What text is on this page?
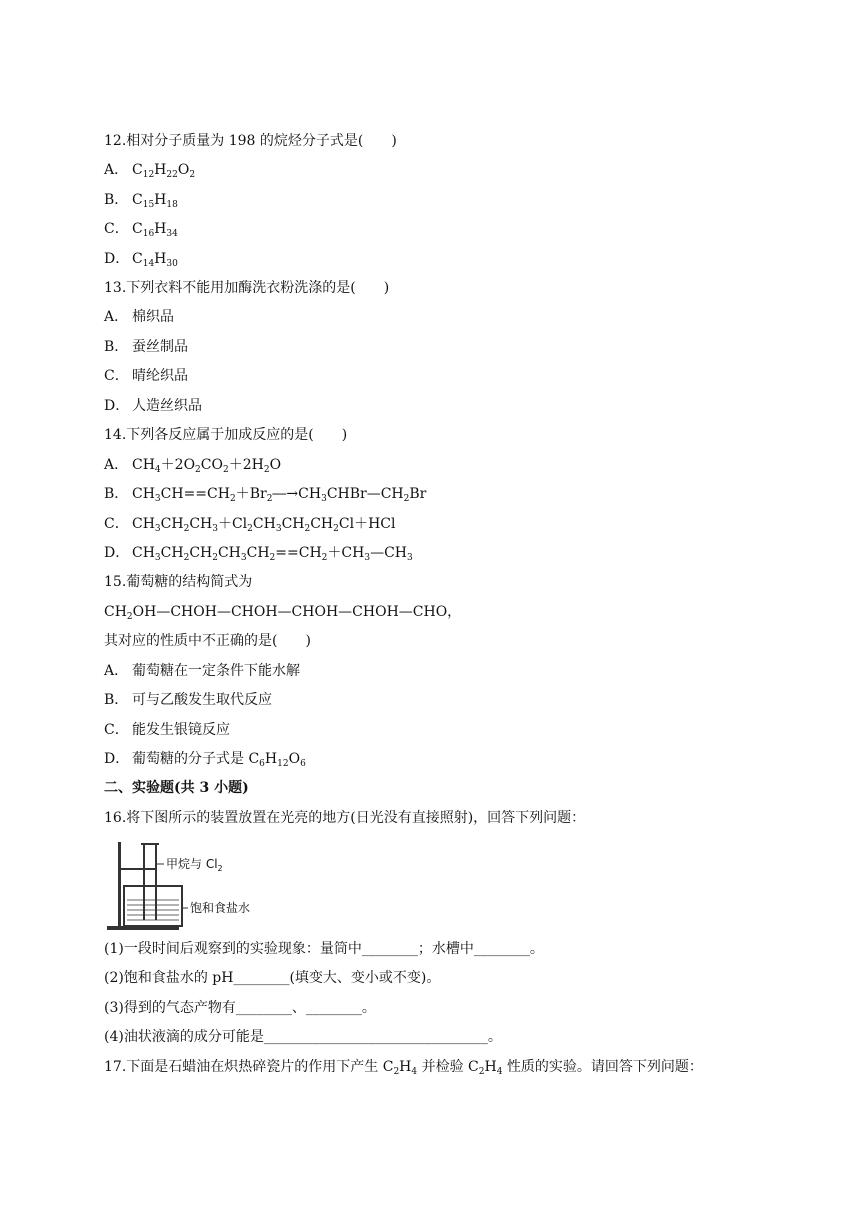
12.相对分子质量为 198 的烷烃分子式是(　　)
A． $C_{12}H_{22}O_2$
B． $C_{15}H_{18}$
C． $C_{16}H_{34}$
D． $C_{14}H_{30}$
13.下列衣料不能用加酶洗衣粉洗涤的是(　　)
A． 棉织品
B． 蚕丝制品
C． 晴纶织品
D． 人造丝织品
14.下列各反应属于加成反应的是(　　)
A． $CH_4+2O_2CO_2+2H_2O$
B． $CH_3CH==CH_2+Br_2―\to CH_3CHBr—CH_2Br$
C． $CH_3CH_2CH_3+Cl_2CH_3CH_2CH_2Cl+HCl$
D． $CH_3CH_2CH_2CH_3CH_2==CH_2+CH_3—CH_3$
15.葡萄糖的结构简式为
$CH_2OH—CHOH—CHOH—CHOH—CHOH—CHO$，
其对应的性质中不正确的是(　　)
A． 葡萄糖在一定条件下能水解
B． 可与乙酸发生取代反应
C． 能发生银镜反应
D． 葡萄糖的分子式是 $C_6H_{12}O_6$
二、实验题(共 3 小题)
16.将下图所示的装置放置在光亮的地方(日光没有直接照射)，回答下列问题：
甲烷与 $Cl_2$
饱和食盐水
(1)一段时间后观察到的实验现象：量筒中________；水槽中________。
(2)饱和食盐水的 pH________(填变大、变小或不变)。
(3)得到的气态产物有________、________。
(4)油状液滴的成分可能是________________________________。
17.下面是石蜡油在炽热碎瓷片的作用下产生 $C_2H_4$ 并检验 $C_2H_4$ 性质的实验。请回答下列问题：
